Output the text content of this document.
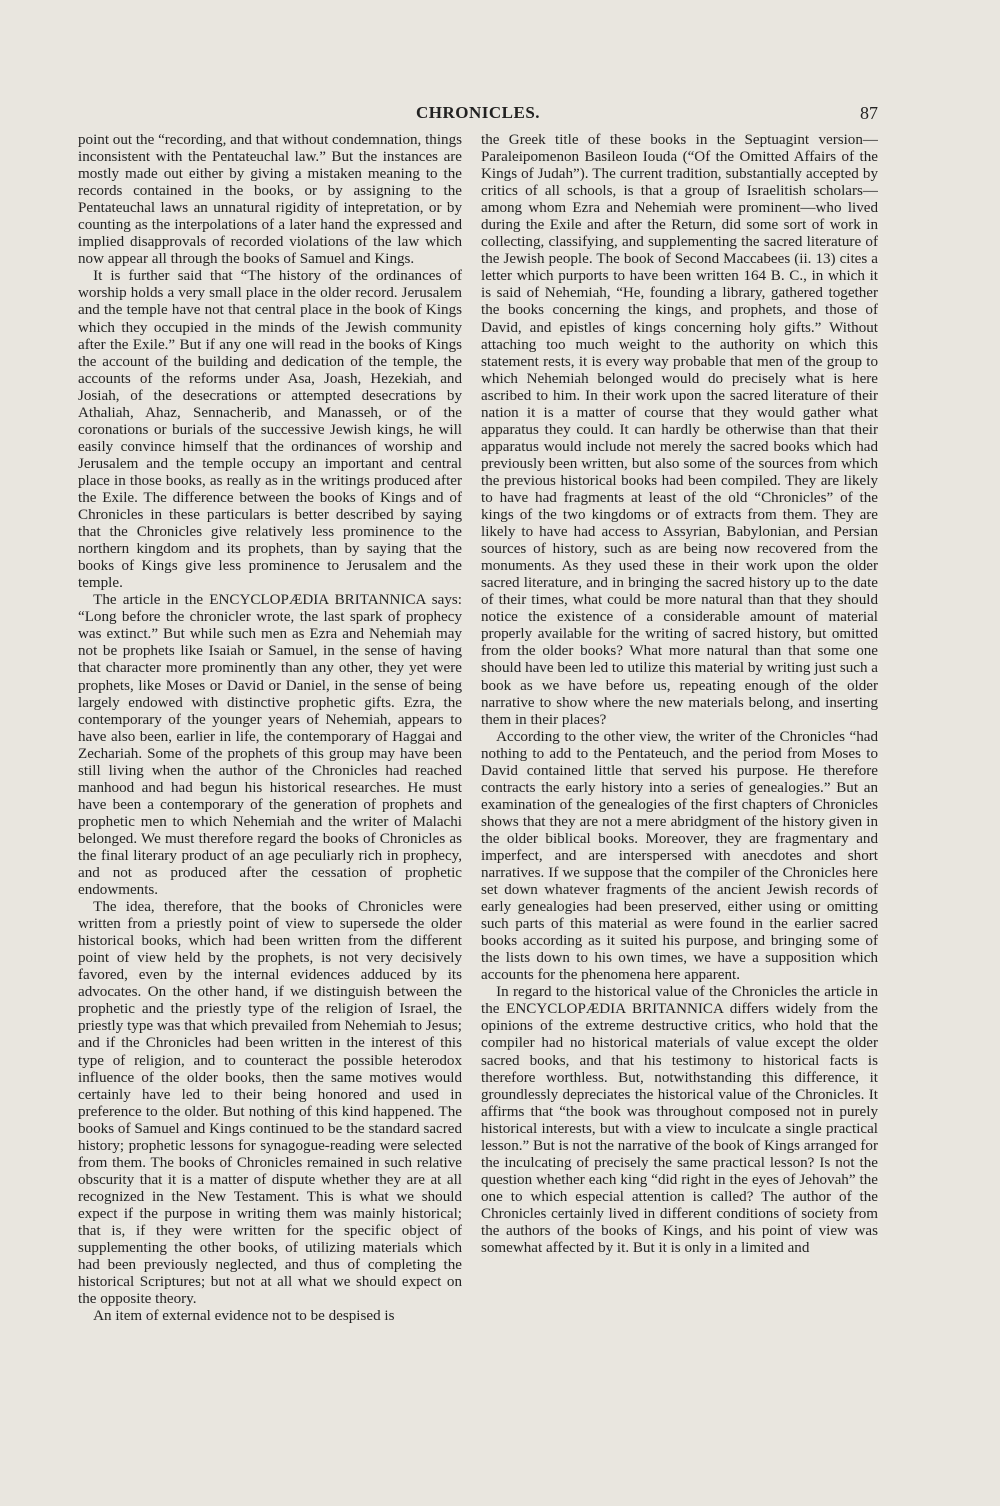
CHRONICLES.	87

point out the “recording, and that without condemnation, things inconsistent with the Pentateuchal law.” But the instances are mostly made out either by giving a mistaken meaning to the records contained in the books, or by assigning to the Pentateuchal laws an unnatural rigidity of intepretation, or by counting as the interpolations of a later hand the expressed and implied disapprovals of recorded violations of the law which now appear all through the books of Samuel and Kings.

It is further said that “The history of the ordinances of worship holds a very small place in the older record. Jerusalem and the temple have not that central place in the book of Kings which they occupied in the minds of the Jewish community after the Exile.” But if any one will read in the books of Kings the account of the building and dedication of the temple, the accounts of the reforms under Asa, Joash, Hezekiah, and Josiah, of the desecrations or attempted desecrations by Athaliah, Ahaz, Sennacherib, and Manasseh, or of the coronations or burials of the successive Jewish kings, he will easily convince himself that the ordinances of worship and Jerusalem and the temple occupy an important and central place in those books, as really as in the writings produced after the Exile. The difference between the books of Kings and of Chronicles in these particulars is better described by saying that the Chronicles give relatively less prominence to the northern kingdom and its prophets, than by saying that the books of Kings give less prominence to Jerusalem and the temple.

The article in the ENCYCLOPÆDIA BRITANNICA says: “Long before the chronicler wrote, the last spark of prophecy was extinct.” But while such men as Ezra and Nehemiah may not be prophets like Isaiah or Samuel, in the sense of having that character more prominently than any other, they yet were prophets, like Moses or David or Daniel, in the sense of being largely endowed with distinctive prophetic gifts. Ezra, the contemporary of the younger years of Nehemiah, appears to have also been, earlier in life, the contemporary of Haggai and Zechariah. Some of the prophets of this group may have been still living when the author of the Chronicles had reached manhood and had begun his historical researches. He must have been a contemporary of the generation of prophets and prophetic men to which Nehemiah and the writer of Malachi belonged. We must therefore regard the books of Chronicles as the final literary product of an age peculiarly rich in prophecy, and not as produced after the cessation of prophetic endowments.

The idea, therefore, that the books of Chronicles were written from a priestly point of view to supersede the older historical books, which had been written from the different point of view held by the prophets, is not very decisively favored, even by the internal evidences adduced by its advocates. On the other hand, if we distinguish between the prophetic and the priestly type of the religion of Israel, the priestly type was that which prevailed from Nehemiah to Jesus; and if the Chronicles had been written in the interest of this type of religion, and to counteract the possible heterodox influence of the older books, then the same motives would certainly have led to their being honored and used in preference to the older. But nothing of this kind happened. The books of Samuel and Kings continued to be the standard sacred history; prophetic lessons for synagogue-reading were selected from them. The books of Chronicles remained in such relative obscurity that it is a matter of dispute whether they are at all recognized in the New Testament. This is what we should expect if the purpose in writing them was mainly historical; that is, if they were written for the specific object of supplementing the other books, of utilizing materials which had been previously neglected, and thus of completing the historical Scriptures; but not at all what we should expect on the opposite theory.

An item of external evidence not to be despised is

the Greek title of these books in the Septuagint version—Paraleipomenon Basileon Iouda (“Of the Omitted Affairs of the Kings of Judah”). The current tradition, substantially accepted by critics of all schools, is that a group of Israelitish scholars—among whom Ezra and Nehemiah were prominent—who lived during the Exile and after the Return, did some sort of work in collecting, classifying, and supplementing the sacred literature of the Jewish people. The book of Second Maccabees (ii. 13) cites a letter which purports to have been written 164 B. C., in which it is said of Nehemiah, “He, founding a library, gathered together the books concerning the kings, and prophets, and those of David, and epistles of kings concerning holy gifts.” Without attaching too much weight to the authority on which this statement rests, it is every way probable that men of the group to which Nehemiah belonged would do precisely what is here ascribed to him. In their work upon the sacred literature of their nation it is a matter of course that they would gather what apparatus they could. It can hardly be otherwise than that their apparatus would include not merely the sacred books which had previously been written, but also some of the sources from which the previous historical books had been compiled. They are likely to have had fragments at least of the old “Chronicles” of the kings of the two kingdoms or of extracts from them. They are likely to have had access to Assyrian, Babylonian, and Persian sources of history, such as are being now recovered from the monuments. As they used these in their work upon the older sacred literature, and in bringing the sacred history up to the date of their times, what could be more natural than that they should notice the existence of a considerable amount of material properly available for the writing of sacred history, but omitted from the older books? What more natural than that some one should have been led to utilize this material by writing just such a book as we have before us, repeating enough of the older narrative to show where the new materials belong, and inserting them in their places?

According to the other view, the writer of the Chronicles “had nothing to add to the Pentateuch, and the period from Moses to David contained little that served his purpose. He therefore contracts the early history into a series of genealogies.” But an examination of the genealogies of the first chapters of Chronicles shows that they are not a mere abridgment of the history given in the older biblical books. Moreover, they are fragmentary and imperfect, and are interspersed with anecdotes and short narratives. If we suppose that the compiler of the Chronicles here set down whatever fragments of the ancient Jewish records of early genealogies had been preserved, either using or omitting such parts of this material as were found in the earlier sacred books according as it suited his purpose, and bringing some of the lists down to his own times, we have a supposition which accounts for the phenomena here apparent.

In regard to the historical value of the Chronicles the article in the ENCYCLOPÆDIA BRITANNICA differs widely from the opinions of the extreme destructive critics, who hold that the compiler had no historical materials of value except the older sacred books, and that his testimony to historical facts is therefore worthless. But, notwithstanding this difference, it groundlessly depreciates the historical value of the Chronicles. It affirms that “the book was throughout composed not in purely historical interests, but with a view to inculcate a single practical lesson.” But is not the narrative of the book of Kings arranged for the inculcating of precisely the same practical lesson? Is not the question whether each king “did right in the eyes of Jehovah” the one to which especial attention is called? The author of the Chronicles certainly lived in different conditions of society from the authors of the books of Kings, and his point of view was somewhat affected by it. But it is only in a limited and
